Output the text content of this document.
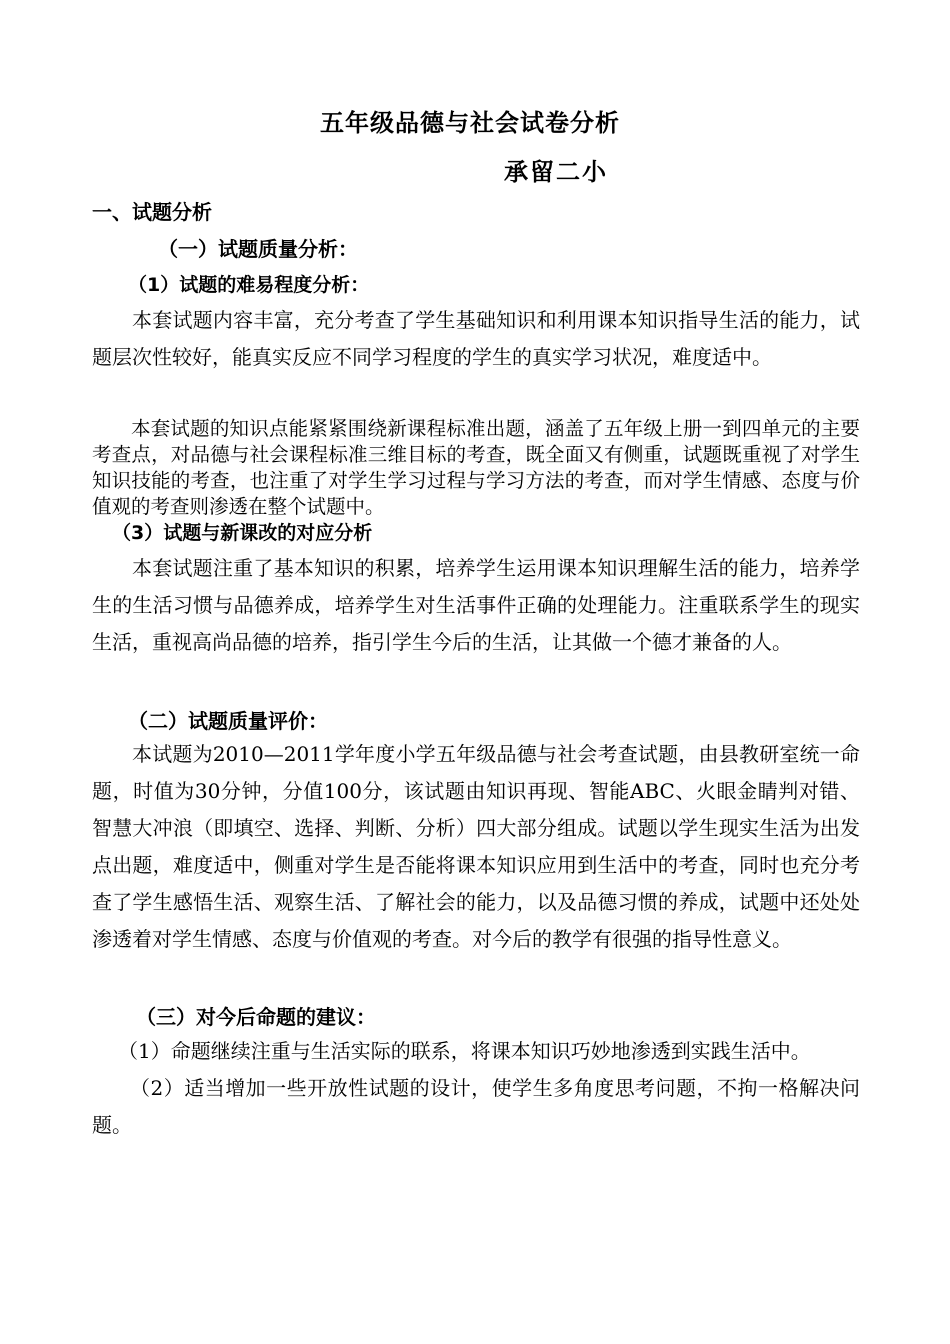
五年级品德与社会试卷分析
承留二小
一、试题分析
（一）试题质量分析：
（1）试题的难易程度分析：

本套试题内容丰富，充分考查了学生基础知识和利用课本知识指导生活的能力，试题层次性较好，能真实反应不同学习程度的学生的真实学习状况，难度适中。

本套试题的知识点能紧紧围绕新课程标准出题，涵盖了五年级上册一到四单元的主要考查点，对品德与社会课程标准三维目标的考查，既全面又有侧重，试题既重视了对学生知识技能的考查，也注重了对学生学习过程与学习方法的考查，而对学生情感、态度与价值观的考查则渗透在整个试题中。

（3）试题与新课改的对应分析

本套试题注重了基本知识的积累，培养学生运用课本知识理解生活的能力，培养学生的生活习惯与品德养成，培养学生对生活事件正确的处理能力。注重联系学生的现实生活，重视高尚品德的培养，指引学生今后的生活，让其做一个德才兼备的人。

（二）试题质量评价：

本试题为2010—2011学年度小学五年级品德与社会考查试题，由县教研室统一命题，时值为30分钟，分值100分，该试题由知识再现、智能ABC、火眼金睛判对错、智慧大冲浪（即填空、选择、判断、分析）四大部分组成。试题以学生现实生活为出发点出题，难度适中，侧重对学生是否能将课本知识应用到生活中的考查，同时也充分考查了学生感悟生活、观察生活、了解社会的能力，以及品德习惯的养成，试题中还处处渗透着对学生情感、态度与价值观的考查。对今后的教学有很强的指导性意义。

（三）对今后命题的建议：

（1）命题继续注重与生活实际的联系，将课本知识巧妙地渗透到实践生活中。

（2）适当增加一些开放性试题的设计，使学生多角度思考问题，不拘一格解决问题。
